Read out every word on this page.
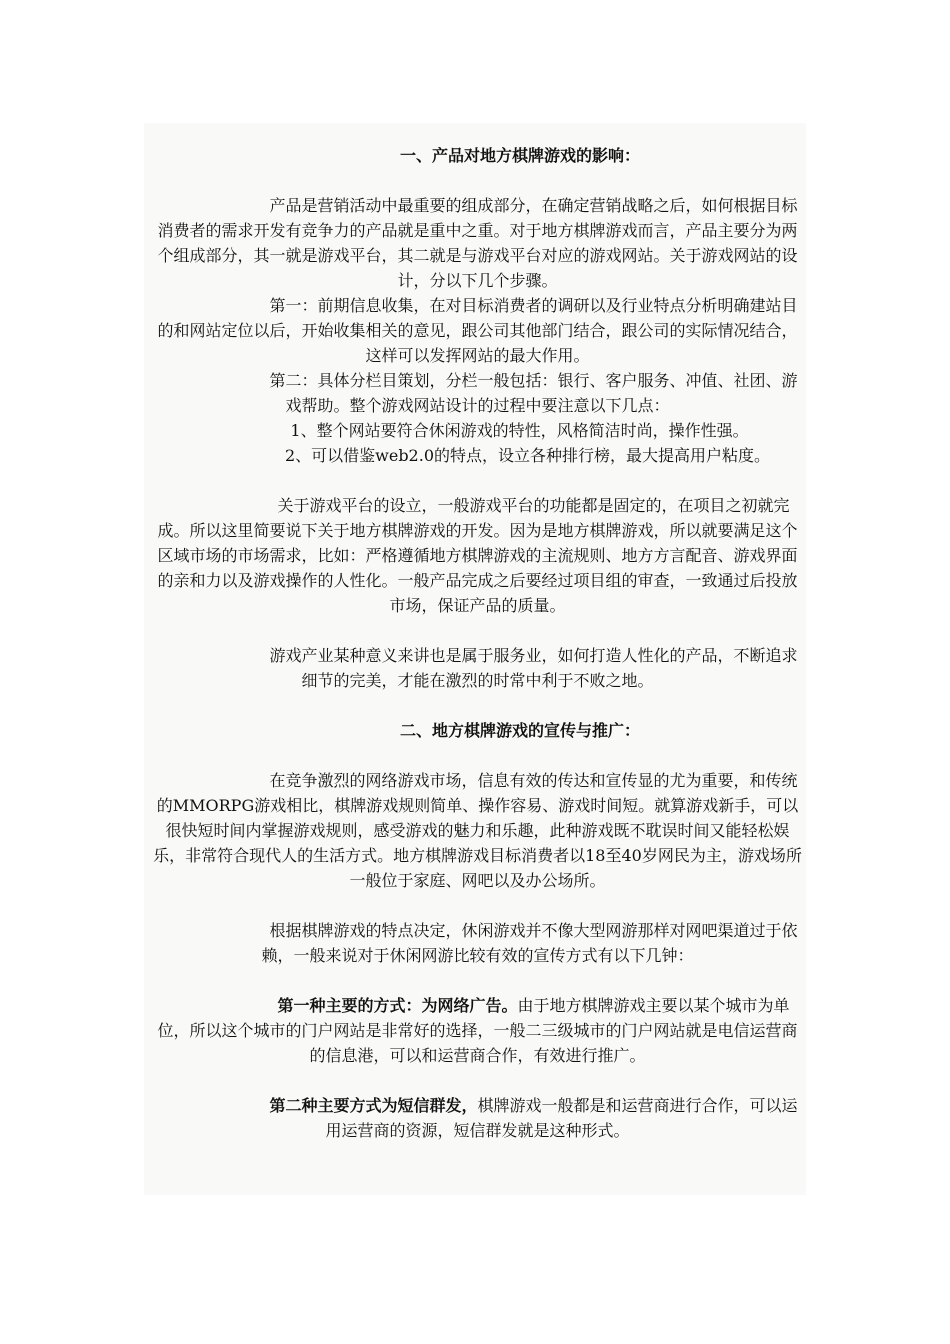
一、产品对地方棋牌游戏的影响：

产品是营销活动中最重要的组成部分，在确定营销战略之后，如何根据目标消费者的需求开发有竞争力的产品就是重中之重。对于地方棋牌游戏而言，产品主要分为两个组成部分，其一就是游戏平台，其二就是与游戏平台对应的游戏网站。关于游戏网站的设计，分以下几个步骤。

第一：前期信息收集，在对目标消费者的调研以及行业特点分析明确建站目的和网站定位以后，开始收集相关的意见，跟公司其他部门结合，跟公司的实际情况结合，这样可以发挥网站的最大作用。

第二：具体分栏目策划，分栏一般包括：银行、客户服务、冲值、社团、游戏帮助。整个游戏网站设计的过程中要注意以下几点：

1、整个网站要符合休闲游戏的特性，风格简洁时尚，操作性强。

2、可以借鉴web2.0的特点，设立各种排行榜，最大提高用户粘度。

关于游戏平台的设立，一般游戏平台的功能都是固定的，在项目之初就完成。所以这里简要说下关于地方棋牌游戏的开发。因为是地方棋牌游戏，所以就要满足这个区域市场的市场需求，比如：严格遵循地方棋牌游戏的主流规则、地方方言配音、游戏界面的亲和力以及游戏操作的人性化。一般产品完成之后要经过项目组的审查，一致通过后投放市场，保证产品的质量。

游戏产业某种意义来讲也是属于服务业，如何打造人性化的产品，不断追求细节的完美，才能在激烈的时常中利于不败之地。

二、地方棋牌游戏的宣传与推广：

在竞争激烈的网络游戏市场，信息有效的传达和宣传显的尤为重要，和传统的MMORPG游戏相比，棋牌游戏规则简单、操作容易、游戏时间短。就算游戏新手，可以很快短时间内掌握游戏规则，感受游戏的魅力和乐趣，此种游戏既不耽误时间又能轻松娱乐，非常符合现代人的生活方式。地方棋牌游戏目标消费者以18至40岁网民为主，游戏场所一般位于家庭、网吧以及办公场所。

根据棋牌游戏的特点决定，休闲游戏并不像大型网游那样对网吧渠道过于依赖，一般来说对于休闲网游比较有效的宣传方式有以下几钟：

第一种主要的方式：为网络广告。由于地方棋牌游戏主要以某个城市为单位，所以这个城市的门户网站是非常好的选择，一般二三级城市的门户网站就是电信运营商的信息港，可以和运营商合作，有效进行推广。

第二种主要方式为短信群发，棋牌游戏一般都是和运营商进行合作，可以运用运营商的资源，短信群发就是这种形式。
